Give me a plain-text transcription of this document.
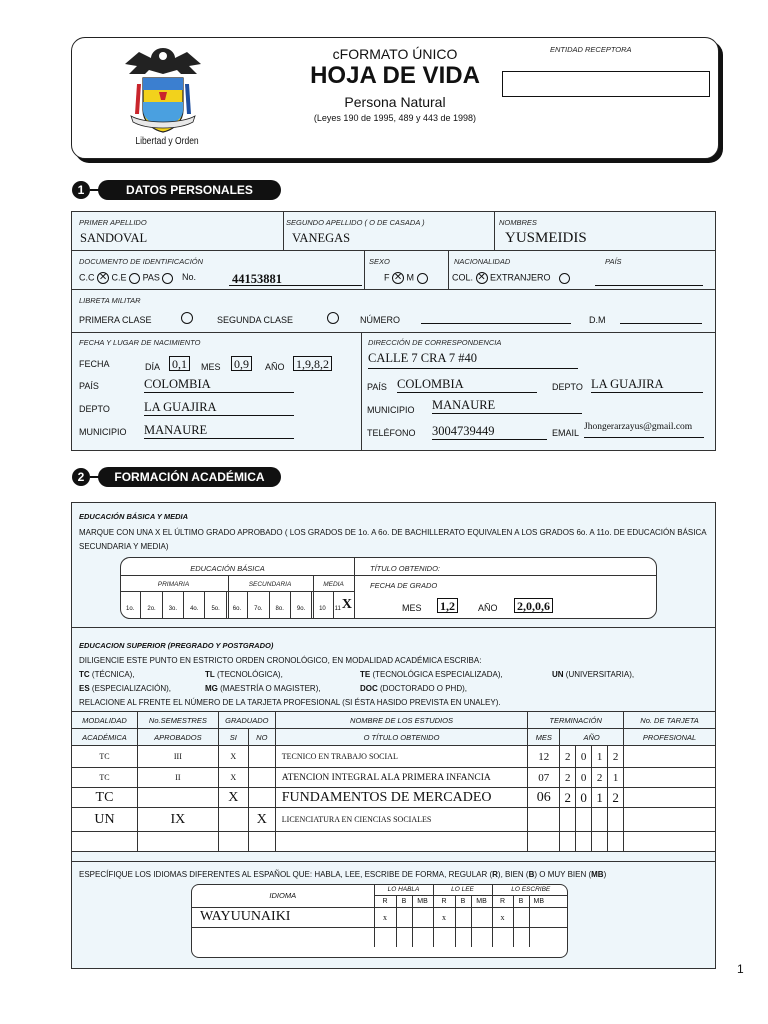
Libertad y Orden
cFORMATO ÚNICO
HOJA DE VIDA
Persona Natural
(Leyes 190 de 1995, 489 y 443 de 1998)
ENTIDAD RECEPTORA
1	DATOS PERSONALES
PRIMER APELLIDO
SANDOVAL
SEGUNDO APELLIDO ( O DE CASADA )
VANEGAS
NOMBRES
YUSMEIDIS
DOCUMENTO DE IDENTIFICACIÓN
C.C ✕ C.E PAS No.	44153881
SEXO
F ✕ M
NACIONALIDAD	PAÍS
COL. ✕ EXTRANJERO
LIBRETA MILITAR
PRIMERA CLASE	SEGUNDA CLASE	NÚMERO	D.M
FECHA Y LUGAR DE NACIMIENTO
FECHA	DÍA 0,1	MES 0,9	AÑO 1,9,8,2
PAÍS	COLOMBIA
DEPTO	LA GUAJIRA
MUNICIPIO MANAURE
DIRECCIÓN DE CORRESPONDENCIA
CALLE 7 CRA 7 #40
PAÍS COLOMBIA	DEPTO LA GUAJIRA
MUNICIPIO MANAURE
TELÉFONO 3004739449	EMAIL
Jhongerarzayus@gmail.com
2	FORMACIÓN ACADÉMICA
EDUCACIÓN BÁSICA Y MEDIA
MARQUE CON UNA X EL ÚLTIMO GRADO APROBADO ( LOS GRADOS DE 1o. A 6o. DE BACHILLERATO EQUIVALEN A LOS GRADOS 6o. A 11o. DE EDUCACIÓN BÁSICA SECUNDARIA Y MEDIA)
EDUCACIÓN BÁSICA
PRIMARIA	SECUNDARIA	MEDIA
1o.	2o.	3o.	4o.	5o.	6o.	7o.	8o.	9o.	10	11 X
TÍTULO OBTENIDO:
FECHA DE GRADO
MES 1,2	AÑO 2,0,0,6
EDUCACION SUPERIOR (PREGRADO Y POSTGRADO)
DILIGENCIE ESTE PUNTO EN ESTRICTO ORDEN CRONOLÓGICO, EN MODALIDAD ACADÉMICA ESCRIBA:
TC (TÉCNICA),	TL (TECNOLÓGICA),	TE (TECNOLÓGICA ESPECIALIZADA),	UN (UNIVERSITARIA),
ES (ESPECIALIZACIÓN),	MG (MAESTRÍA O MAGISTER),	DOC (DOCTORADO O PHD),
RELACIONE AL FRENTE EL NÚMERO DE LA TARJETA PROFESIONAL (SI ÉSTA HASIDO PREVISTA EN UNALEY).
MODALIDAD	No.SEMESTRES	GRADUADO		NOMBRE DE LOS ESTUDIOS	TERMINACIÓN					No. DE TARJETA
ACADÉMICA	APROBADOS	SI	NO	O TÍTULO OBTENIDO	MES	AÑO				PROFESIONAL
TC	III	X		TECNICO EN TRABAJO SOCIAL	12	2	0	1	2	
TC	II	X		ATENCION INTEGRAL ALA PRIMERA INFANCIA	07	2	0	2	1	
TC		X		FUNDAMENTOS DE MERCADEO	06	2	0	1	2	
UN	IX		X	LICENCIATURA EN CIENCIAS SOCIALES						

ESPECÍFIQUE LOS IDIOMAS DIFERENTES AL ESPAÑOL QUE: HABLA, LEE, ESCRIBE DE FORMA, REGULAR (R), BIEN (B) O MUY BIEN (MB)
IDIOMA	LO HABLA			LO LEE			LO ESCRIBE		
	R	B	MB	R	B	MB	R	B	MB
WAYUUNAIKI	x			x			x		

1
